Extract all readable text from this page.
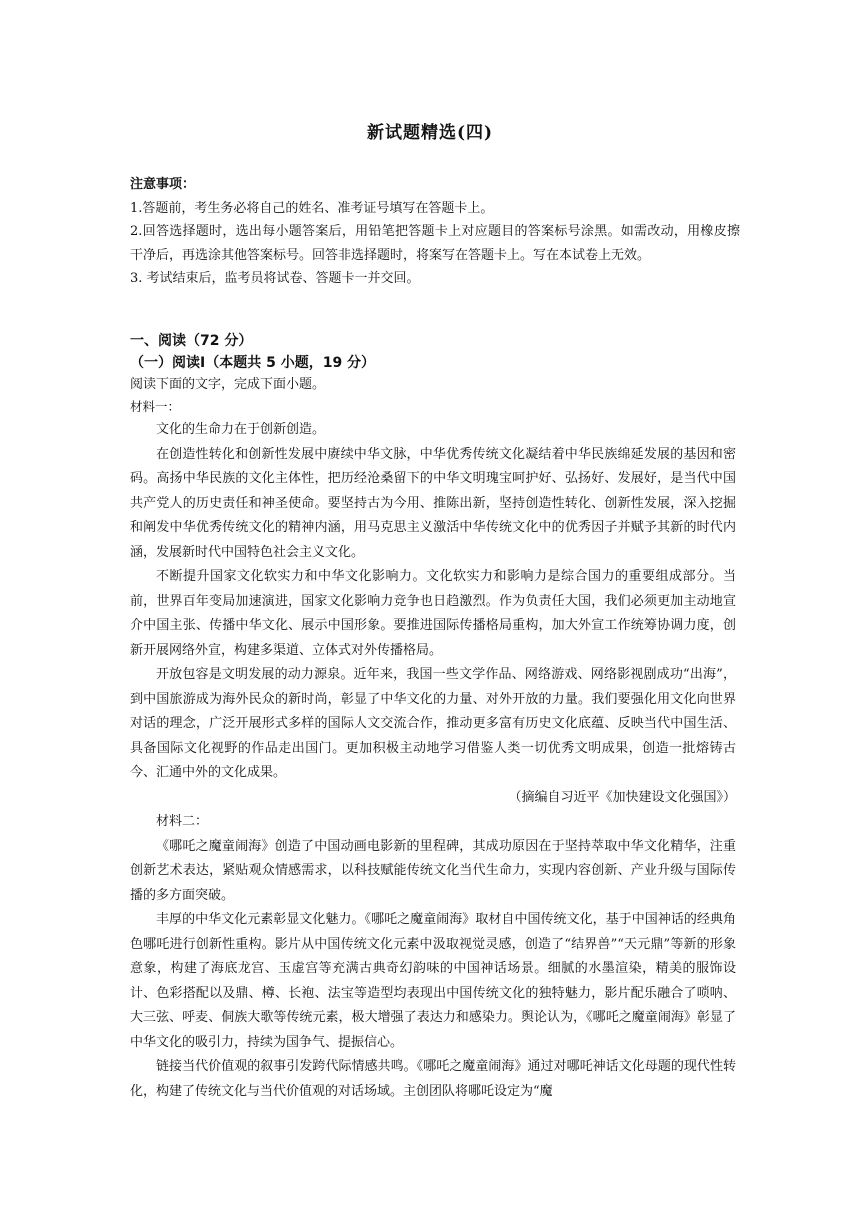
新试题精选(四)

注意事项：

1.答题前，考生务必将自己的姓名、准考证号填写在答题卡上。

2.回答选择题时，选出每小题答案后，用铅笔把答题卡上对应题目的答案标号涂黑。如需改动，用橡皮擦干净后，再选涂其他答案标号。回答非选择题时，将案写在答题卡上。写在本试卷上无效。

3. 考试结束后，监考员将试卷、答题卡一并交回。

一、阅读（72 分）
（一）阅读Ⅰ（本题共 5 小题，19 分）
阅读下面的文字，完成下面小题。
材料一：

文化的生命力在于创新创造。

在创造性转化和创新性发展中赓续中华文脉，中华优秀传统文化凝结着中华民族绵延发展的基因和密码。高扬中华民族的文化主体性，把历经沧桑留下的中华文明瑰宝呵护好、弘扬好、发展好，是当代中国共产党人的历史责任和神圣使命。要坚持古为今用、推陈出新，坚持创造性转化、创新性发展，深入挖掘和阐发中华优秀传统文化的精神内涵，用马克思主义激活中华传统文化中的优秀因子并赋予其新的时代内涵，发展新时代中国特色社会主义文化。

不断提升国家文化软实力和中华文化影响力。文化软实力和影响力是综合国力的重要组成部分。当前，世界百年变局加速演进，国家文化影响力竞争也日趋激烈。作为负责任大国，我们必须更加主动地宣介中国主张、传播中华文化、展示中国形象。要推进国际传播格局重构，加大外宣工作统筹协调力度，创新开展网络外宣，构建多渠道、立体式对外传播格局。

开放包容是文明发展的动力源泉。近年来，我国一些文学作品、网络游戏、网络影视剧成功“出海”，到中国旅游成为海外民众的新时尚，彰显了中华文化的力量、对外开放的力量。我们要强化用文化向世界对话的理念，广泛开展形式多样的国际人文交流合作，推动更多富有历史文化底蕴、反映当代中国生活、具备国际文化视野的作品走出国门。更加积极主动地学习借鉴人类一切优秀文明成果，创造一批熔铸古今、汇通中外的文化成果。

（摘编自习近平《加快建设文化强国》）

材料二：

《哪吒之魔童闹海》创造了中国动画电影新的里程碑，其成功原因在于坚持萃取中华文化精华，注重创新艺术表达，紧贴观众情感需求，以科技赋能传统文化当代生命力，实现内容创新、产业升级与国际传播的多方面突破。

丰厚的中华文化元素彰显文化魅力。《哪吒之魔童闹海》取材自中国传统文化，基于中国神话的经典角色哪吒进行创新性重构。影片从中国传统文化元素中汲取视觉灵感，创造了“结界兽”“天元鼎”等新的形象意象，构建了海底龙宫、玉虚宫等充满古典奇幻韵味的中国神话场景。细腻的水墨渲染，精美的服饰设计、色彩搭配以及鼎、樽、长袍、法宝等造型均表现出中国传统文化的独特魅力，影片配乐融合了唢呐、大三弦、呼麦、侗族大歌等传统元素，极大增强了表达力和感染力。舆论认为，《哪吒之魔童闹海》彰显了中华文化的吸引力，持续为国争气、提振信心。

链接当代价值观的叙事引发跨代际情感共鸣。《哪吒之魔童闹海》通过对哪吒神话文化母题的现代性转化，构建了传统文化与当代价值观的对话场域。主创团队将哪吒设定为“魔
